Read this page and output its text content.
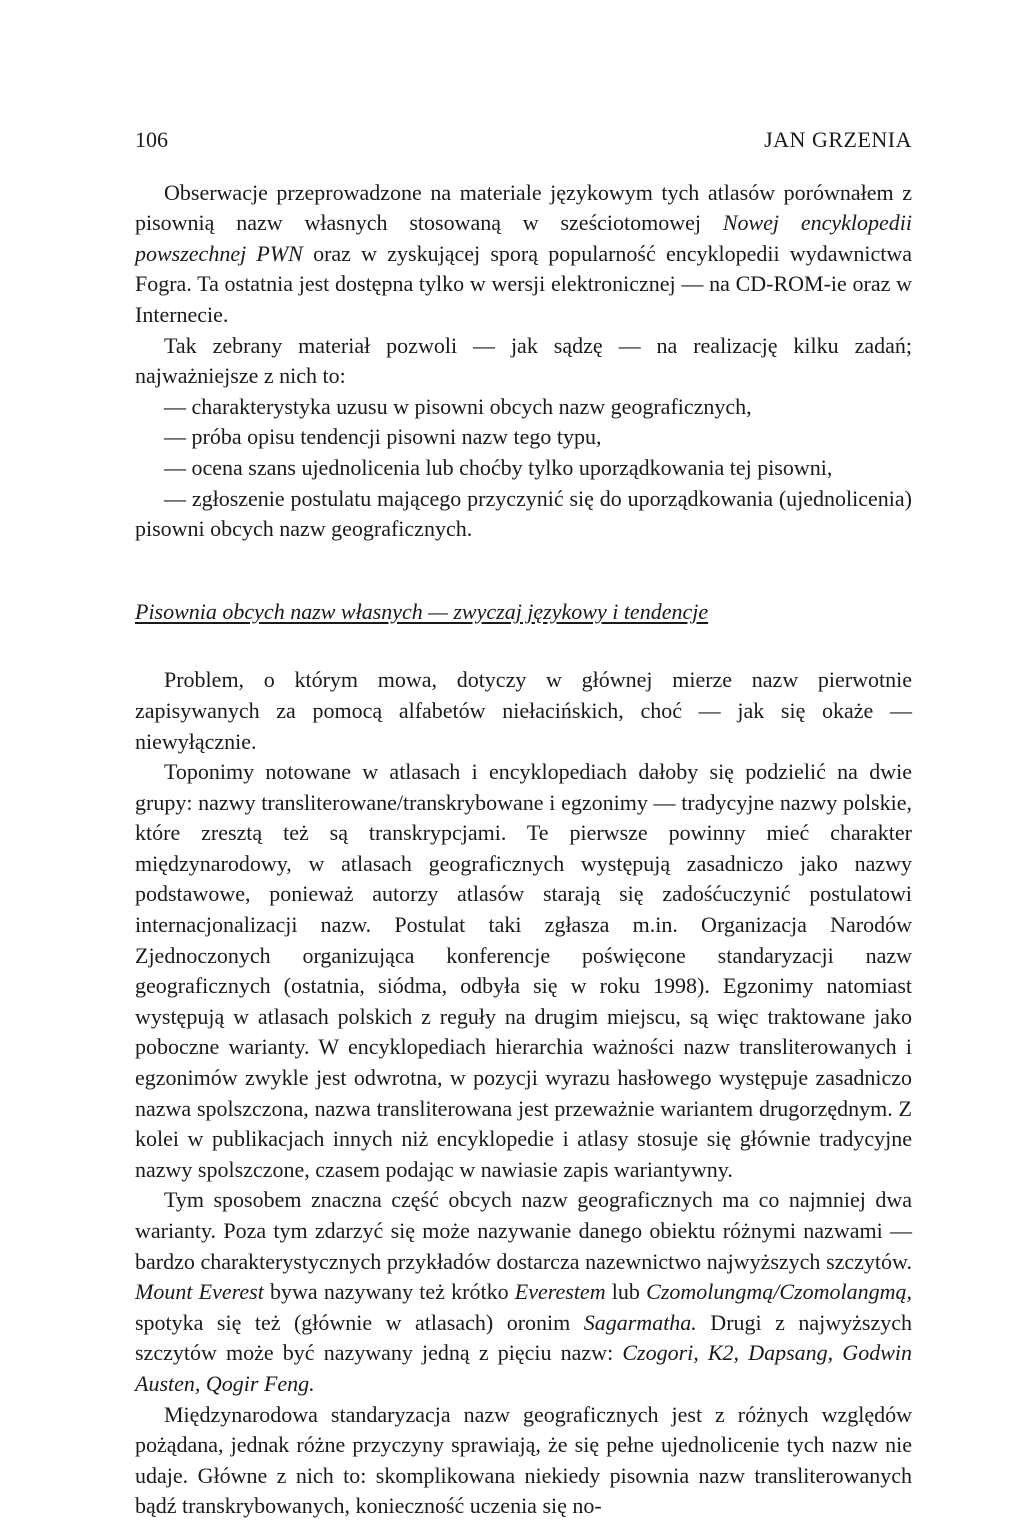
106	JAN GRZENIA

Obserwacje przeprowadzone na materiale językowym tych atlasów porównałem z pisownią nazw własnych stosowaną w sześciotomowej Nowej encyklopedii powszechnej PWN oraz w zyskującej sporą popularność encyklopedii wydawnictwa Fogra. Ta ostatnia jest dostępna tylko w wersji elektronicznej — na CD-ROM-ie oraz w Internecie.

Tak zebrany materiał pozwoli — jak sądzę — na realizację kilku zadań; najważniejsze z nich to:

— charakterystyka uzusu w pisowni obcych nazw geograficznych,

— próba opisu tendencji pisowni nazw tego typu,

— ocena szans ujednolicenia lub choćby tylko uporządkowania tej pisowni,

— zgłoszenie postulatu mającego przyczynić się do uporządkowania (ujednolicenia) pisowni obcych nazw geograficznych.

Pisownia obcych nazw własnych — zwyczaj językowy i tendencje

Problem, o którym mowa, dotyczy w głównej mierze nazw pierwotnie zapisywanych za pomocą alfabetów niełacińskich, choć — jak się okaże — niewyłącznie.

Toponimy notowane w atlasach i encyklopediach dałoby się podzielić na dwie grupy: nazwy transliterowane/transkrybowane i egzonimy — tradycyjne nazwy polskie, które zresztą też są transkrypcjami. Te pierwsze powinny mieć charakter międzynarodowy, w atlasach geograficznych występują zasadniczo jako nazwy podstawowe, ponieważ autorzy atlasów starają się zadośćuczynić postulatowi internacjonalizacji nazw. Postulat taki zgłasza m.in. Organizacja Narodów Zjednoczonych organizująca konferencje poświęcone standaryzacji nazw geograficznych (ostatnia, siódma, odbyła się w roku 1998). Egzonimy natomiast występują w atlasach polskich z reguły na drugim miejscu, są więc traktowane jako poboczne warianty. W encyklopediach hierarchia ważności nazw transliterowanych i egzonimów zwykle jest odwrotna, w pozycji wyrazu hasłowego występuje zasadniczo nazwa spolszczona, nazwa transliterowana jest przeważnie wariantem drugorzędnym. Z kolei w publikacjach innych niż encyklopedie i atlasy stosuje się głównie tradycyjne nazwy spolszczone, czasem podając w nawiasie zapis wariantywny.

Tym sposobem znaczna część obcych nazw geograficznych ma co najmniej dwa warianty. Poza tym zdarzyć się może nazywanie danego obiektu różnymi nazwami — bardzo charakterystycznych przykładów dostarcza nazewnictwo najwyższych szczytów. Mount Everest bywa nazywany też krótko Everestem lub Czomolungmą/Czomolangmą, spotyka się też (głównie w atlasach) oronim Sagarmatha. Drugi z najwyższych szczytów może być nazywany jedną z pięciu nazw: Czogori, K2, Dapsang, Godwin Austen, Qogir Feng.

Międzynarodowa standaryzacja nazw geograficznych jest z różnych względów pożądana, jednak różne przyczyny sprawiają, że się pełne ujednolicenie tych nazw nie udaje. Główne z nich to: skomplikowana niekiedy pisownia nazw transliterowanych bądź transkrybowanych, konieczność uczenia się no-
